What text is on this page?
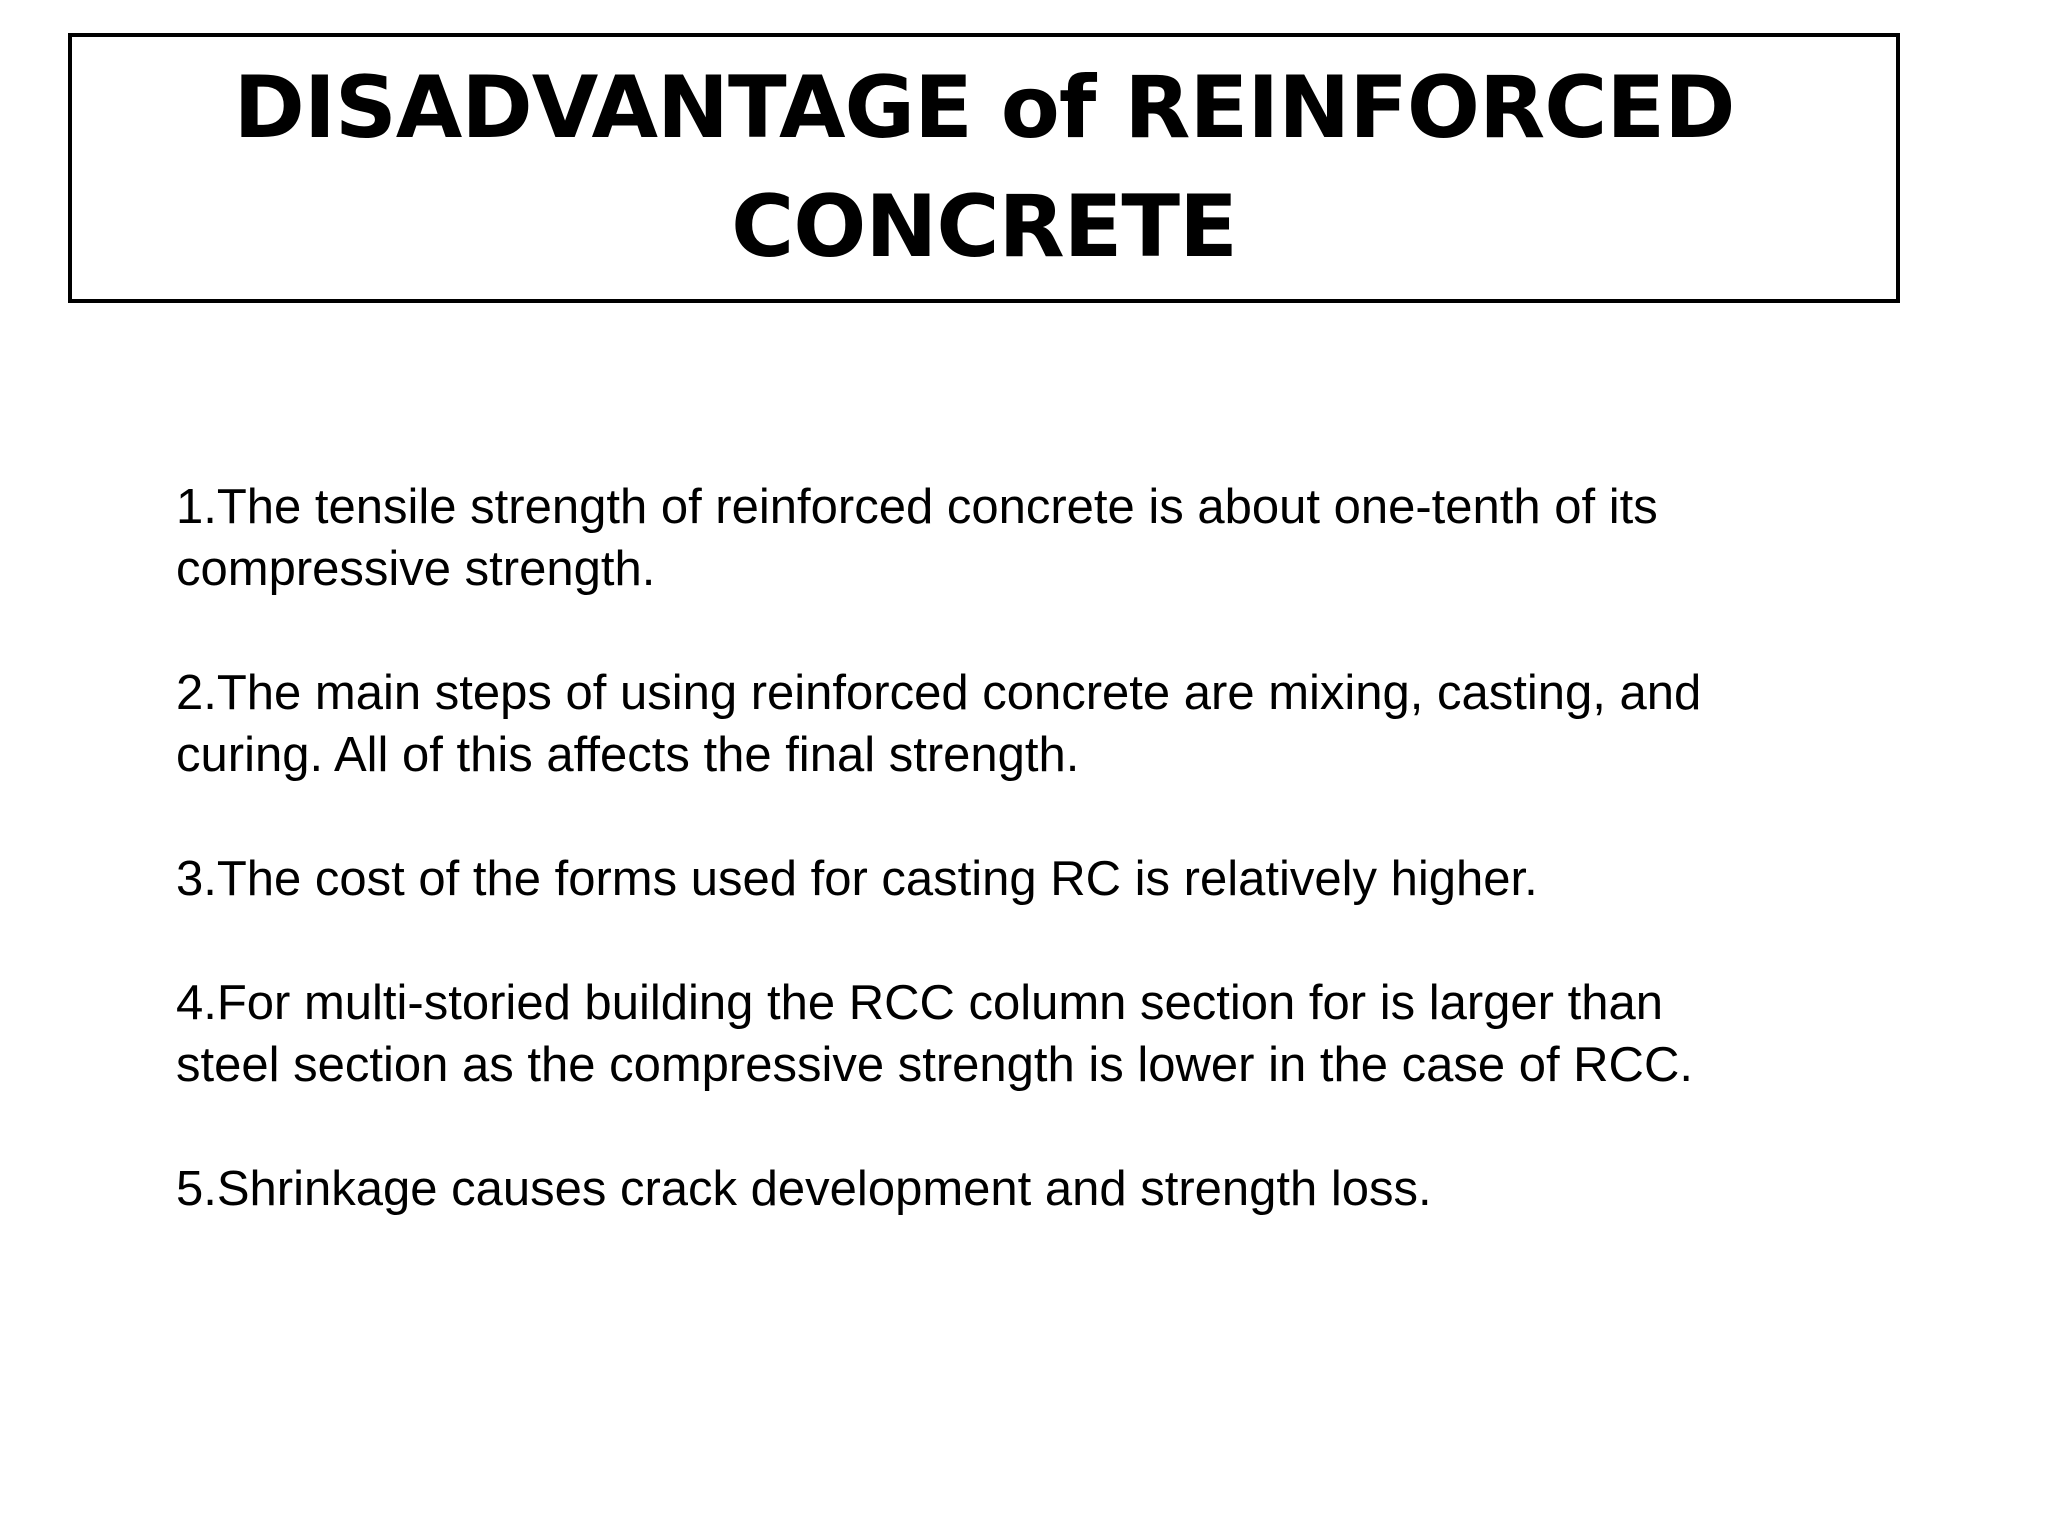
DISADVANTAGE of REINFORCED
CONCRETE
1.The tensile strength of reinforced concrete is about one-tenth of its
compressive strength.
2.The main steps of using reinforced concrete are mixing, casting, and
curing. All of this affects the final strength.
3.The cost of the forms used for casting RC is relatively higher.
4.For multi-storied building the RCC column section for is larger than
steel section as the compressive strength is lower in the case of RCC.
5.Shrinkage causes crack development and strength loss.
